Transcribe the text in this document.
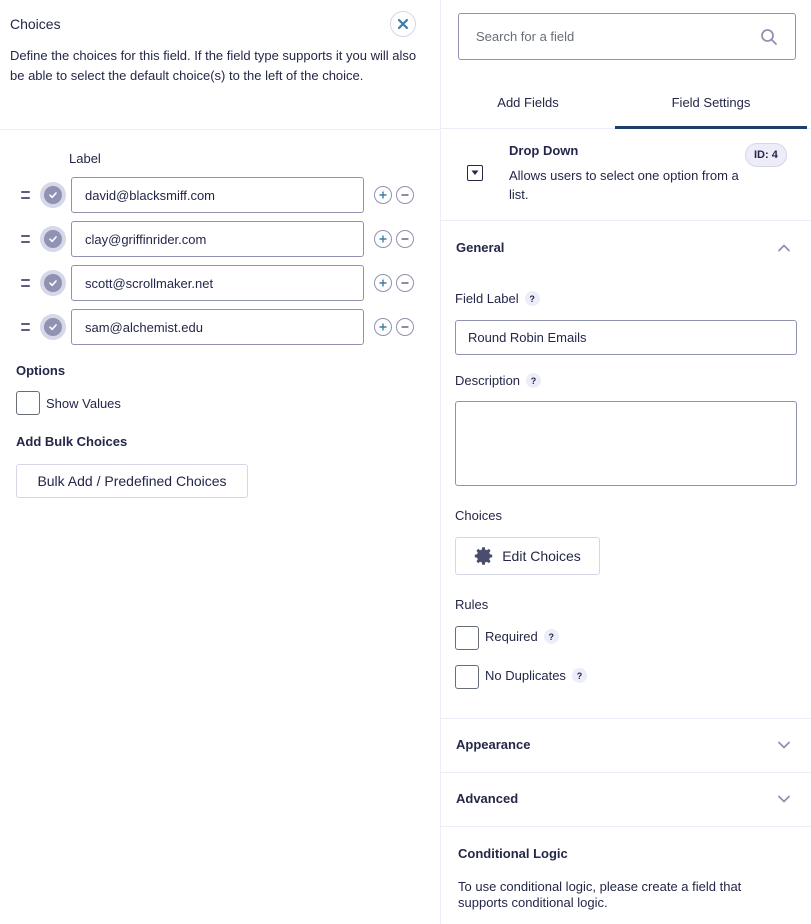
Choices
Define the choices for this field. If the field type supports it you will also be able to select the default choice(s) to the left of the choice.
Label
david@blacksmiff.com
clay@griffinrider.com
scott@scrollmaker.net
sam@alchemist.edu
Options
Show Values
Add Bulk Choices
Bulk Add / Predefined Choices
Search for a field
Add Fields	Field Settings
Drop Down
Allows users to select one option from a list.
ID: 4
General
Field Label	?
Round Robin Emails
Description	?
Choices
Edit Choices
Rules
Required	?
No Duplicates	?
Appearance
Advanced
Conditional Logic
To use conditional logic, please create a field that supports conditional logic.
